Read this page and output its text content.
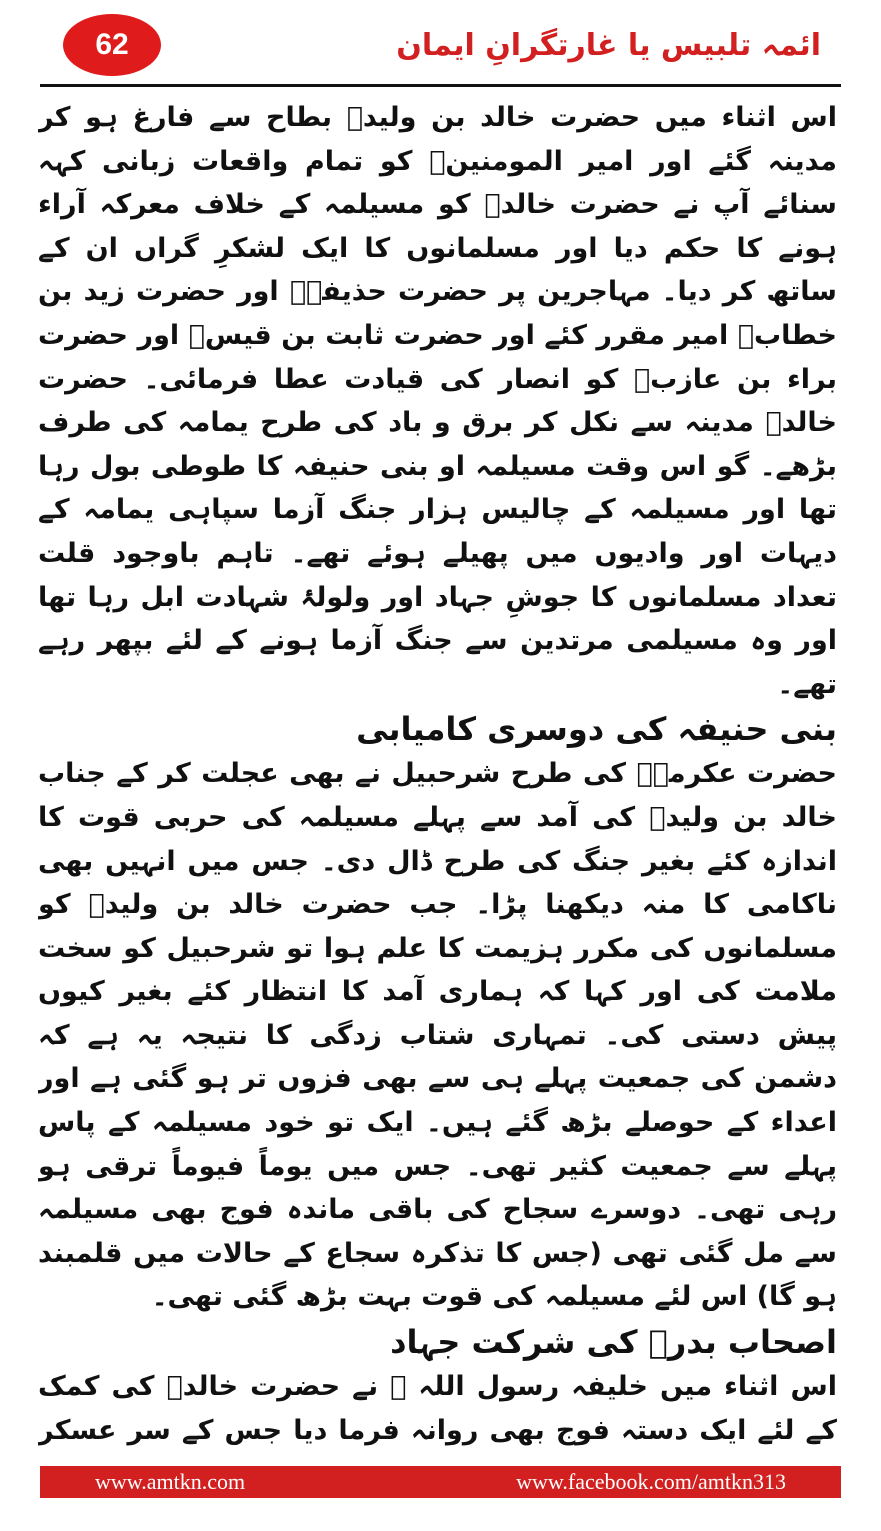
62	ائمہ تلبیس یا غارتگرانِ ایمان

اس اثناء میں حضرت خالد بن ولیدؓ بطاح سے فارغ ہو کر مدینہ گئے اور امیر المومنینؓ کو تمام واقعات زبانی کہہ سنائے آپ نے حضرت خالدؓ کو مسیلمہ کے خلاف معرکہ آراء ہونے کا حکم دیا اور مسلمانوں کا ایک لشکرِ گراں ان کے ساتھ کر دیا۔ مہاجرین پر حضرت حذیفہؓ اور حضرت زید بن خطابؓ امیر مقرر کئے اور حضرت ثابت بن قیسؓ اور حضرت براء بن عازبؓ کو انصار کی قیادت عطا فرمائی۔ حضرت خالدؓ مدینہ سے نکل کر برق و باد کی طرح یمامہ کی طرف بڑھے۔ گو اس وقت مسیلمہ او بنی حنیفہ کا طوطی بول رہا تھا اور مسیلمہ کے چالیس ہزار جنگ آزما سپاہی یمامہ کے دیہات اور وادیوں میں پھیلے ہوئے تھے۔ تاہم باوجود قلت تعداد مسلمانوں کا جوشِ جہاد اور ولولۂ شہادت ابل رہا تھا اور وہ مسیلمی مرتدین سے جنگ آزما ہونے کے لئے بپھر رہے تھے۔

بنی حنیفہ کی دوسری کامیابی

حضرت عکرمہؓ کی طرح شرحبیل نے بھی عجلت کر کے جناب خالد بن ولیدؓ کی آمد سے پہلے مسیلمہ کی حربی قوت کا اندازہ کئے بغیر جنگ کی طرح ڈال دی۔ جس میں انہیں بھی ناکامی کا منہ دیکھنا پڑا۔ جب حضرت خالد بن ولیدؓ کو مسلمانوں کی مکرر ہزیمت کا علم ہوا تو شرحبیل کو سخت ملامت کی اور کہا کہ ہماری آمد کا انتظار کئے بغیر کیوں پیش دستی کی۔ تمہاری شتاب زدگی کا نتیجہ یہ ہے کہ دشمن کی جمعیت پہلے ہی سے بھی فزوں تر ہو گئی ہے اور اعداء کے حوصلے بڑھ گئے ہیں۔ ایک تو خود مسیلمہ کے پاس پہلے سے جمعیت کثیر تھی۔ جس میں یوماً فیوماً ترقی ہو رہی تھی۔ دوسرے سجاح کی باقی ماندہ فوج بھی مسیلمہ سے مل گئی تھی (جس کا تذکرہ سجاع کے حالات میں قلمبند ہو گا) اس لئے مسیلمہ کی قوت بہت بڑھ گئی تھی۔

اصحاب بدرؓ کی شرکت جہاد

اس اثناء میں خلیفہ رسول اللہ ﷺ نے حضرت خالدؓ کی کمک کے لئے ایک دستہ فوج بھی روانہ فرما دیا جس کے سر عسکر

www.amtkn.com	www.facebook.com/amtkn313
